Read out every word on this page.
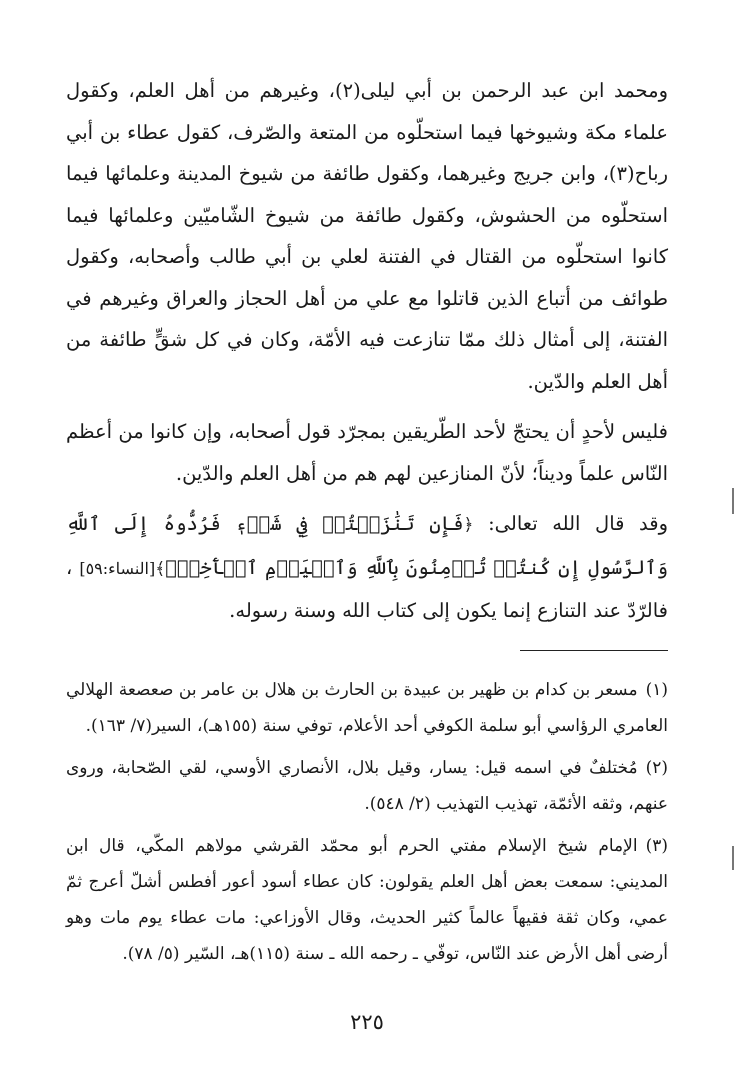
ومحمد ابن عبد الرحمن بن أبي ليلى(٢)، وغيرهم من أهل العلم، وكقول علماء مكة وشيوخها فيما استحلّوه من المتعة والصّرف، كقول عطاء بن أبي رباح(٣)، وابن جريج وغيرهما، وكقول طائفة من شيوخ المدينة وعلمائها فيما استحلّوه من الحشوش، وكقول طائفة من شيوخ الشّاميّين وعلمائها فيما كانوا استحلّوه من القتال في الفتنة لعلي بن أبي طالب وأصحابه، وكقول طوائف من أتباع الذين قاتلوا مع علي من أهل الحجاز والعراق وغيرهم في الفتنة، إلى أمثال ذلك ممّا تنازعت فيه الأمّة، وكان في كل شقٍّ طائفة من أهل العلم والدّين.

فليس لأحدٍ أن يحتجّ لأحد الطّريقين بمجرّد قول أصحابه، وإن كانوا من أعظم النّاس علماً وديناً؛ لأنّ المنازعين لهم هم من أهل العلم والدّين.

وقد قال الله تعالى: ﴿فَإِن تَنَٰزَعۡتُمۡ فِي شَيۡءٖ فَرُدُّوهُ إِلَى ٱللَّهِ وَٱلرَّسُولِ إِن كُنتُمۡ تُؤۡمِنُونَ بِٱللَّهِ وَٱلۡيَوۡمِ ٱلۡأٓخِرِۚ﴾[النساء:٥٩] ، فالرّدّ عند التنازع إنما يكون إلى كتاب الله وسنة رسوله.

(١)مسعر بن كدام بن ظهير بن عبيدة بن الحارث بن هلال بن عامر بن صعصعة الهلالي العامري الرؤاسي أبو سلمة الكوفي أحد الأعلام، توفي سنة (١٥٥هـ)، السير(٧/ ١٦٣).

(٢)مُختلفٌ في اسمه قيل: يسار، وقيل بلال، الأنصاري الأوسي، لقي الصّحابة، وروى عنهم، وثقه الأئمّة، تهذيب التهذيب (٢/ ٥٤٨).

(٣)الإمام شيخ الإسلام مفتي الحرم أبو محمّد القرشي مولاهم المكّي، قال ابن المديني: سمعت بعض أهل العلم يقولون: كان عطاء أسود أعور أفطس أشلّ أعرج ثمّ عمي، وكان ثقة فقيهاً عالماً كثير الحديث، وقال الأوزاعي: مات عطاء يوم مات وهو أرضى أهل الأرض عند النّاس، توفّي ـ رحمه الله ـ سنة (١١٥)هـ، السّير (٥/ ٧٨).

٢٢٥
